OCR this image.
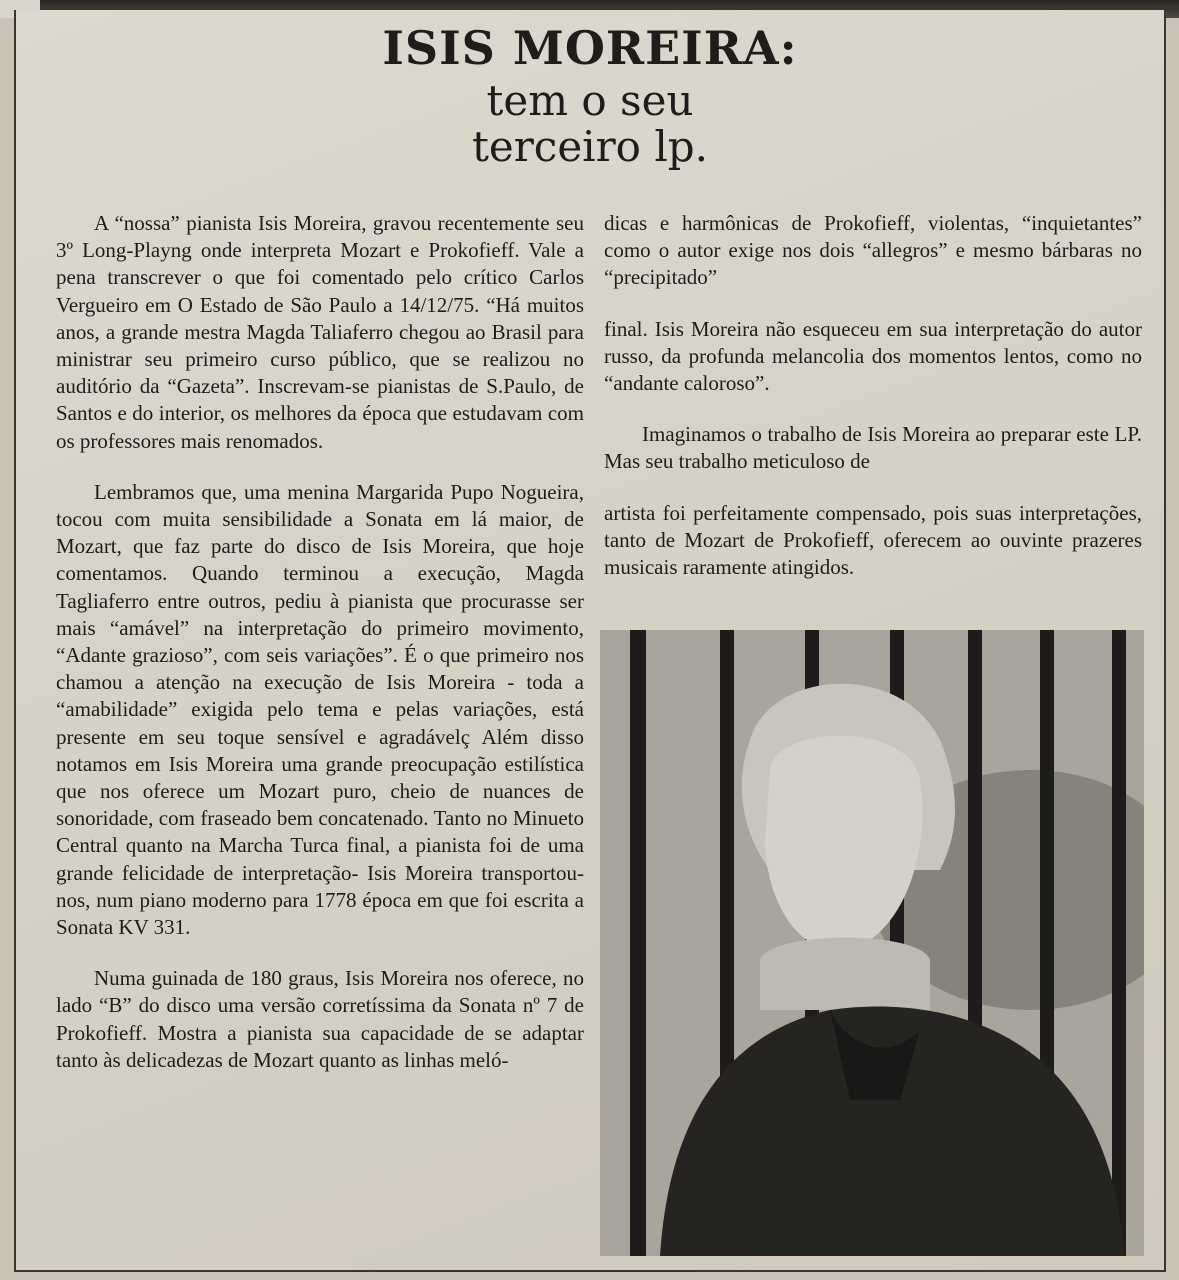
ISIS MOREIRA:

tem o seu

terceiro lp.

A “nossa” pianista Isis Moreira, gravou recentemente seu 3º Long-Playng onde interpreta Mozart e Prokofieff. Vale a pena transcrever o que foi comentado pelo crítico Carlos Vergueiro em O Estado de São Paulo a 14/12/75. “Há muitos anos, a grande mestra Magda Taliaferro chegou ao Brasil para ministrar seu primeiro curso público, que se realizou no auditório da “Gazeta”. Inscrevam-se pianistas de S.Paulo, de Santos e do interior, os melhores da época que estudavam com os professores mais renomados.

Lembramos que, uma menina Margarida Pupo Nogueira, tocou com muita sensibilidade a Sonata em lá maior, de Mozart, que faz parte do disco de Isis Moreira, que hoje comentamos. Quando terminou a execução, Magda Tagliaferro entre outros, pediu à pianista que procurasse ser mais “amável” na interpretação do primeiro movimento, “Adante grazioso”, com seis variações”. É o que primeiro nos chamou a atenção na execução de Isis Moreira - toda a “amabilidade” exigida pelo tema e pelas variações, está presente em seu toque sensível e agradávelç Além disso notamos em Isis Moreira uma grande preocupação estilística que nos oferece um Mozart puro, cheio de nuances de sonoridade, com fraseado bem concatenado. Tanto no Minueto Central quanto na Marcha Turca final, a pianista foi de uma grande felicidade de interpretação- Isis Moreira transportou-nos, num piano moderno para 1778 época em que foi escrita a Sonata KV 331.

Numa guinada de 180 graus, Isis Moreira nos oferece, no lado “B” do disco uma versão corretíssima da Sonata nº 7 de Prokofieff. Mostra a pianista sua capacidade de se adaptar tanto às delicadezas de Mozart quanto as linhas meló-

dicas e harmônicas de Prokofieff, violentas, “inquietantes” como o autor exige nos dois “allegros” e mesmo bárbaras no “precipitado”

final. Isis Moreira não esqueceu em sua interpretação do autor russo, da profunda melancolia dos momentos lentos, como no “andante caloroso”.

Imaginamos o trabalho de Isis Moreira ao preparar este LP. Mas seu trabalho meticuloso de

artista foi perfeitamente compensado, pois suas interpretações, tanto de Mozart de Prokofieff, oferecem ao ouvinte prazeres musicais raramente atingidos.
